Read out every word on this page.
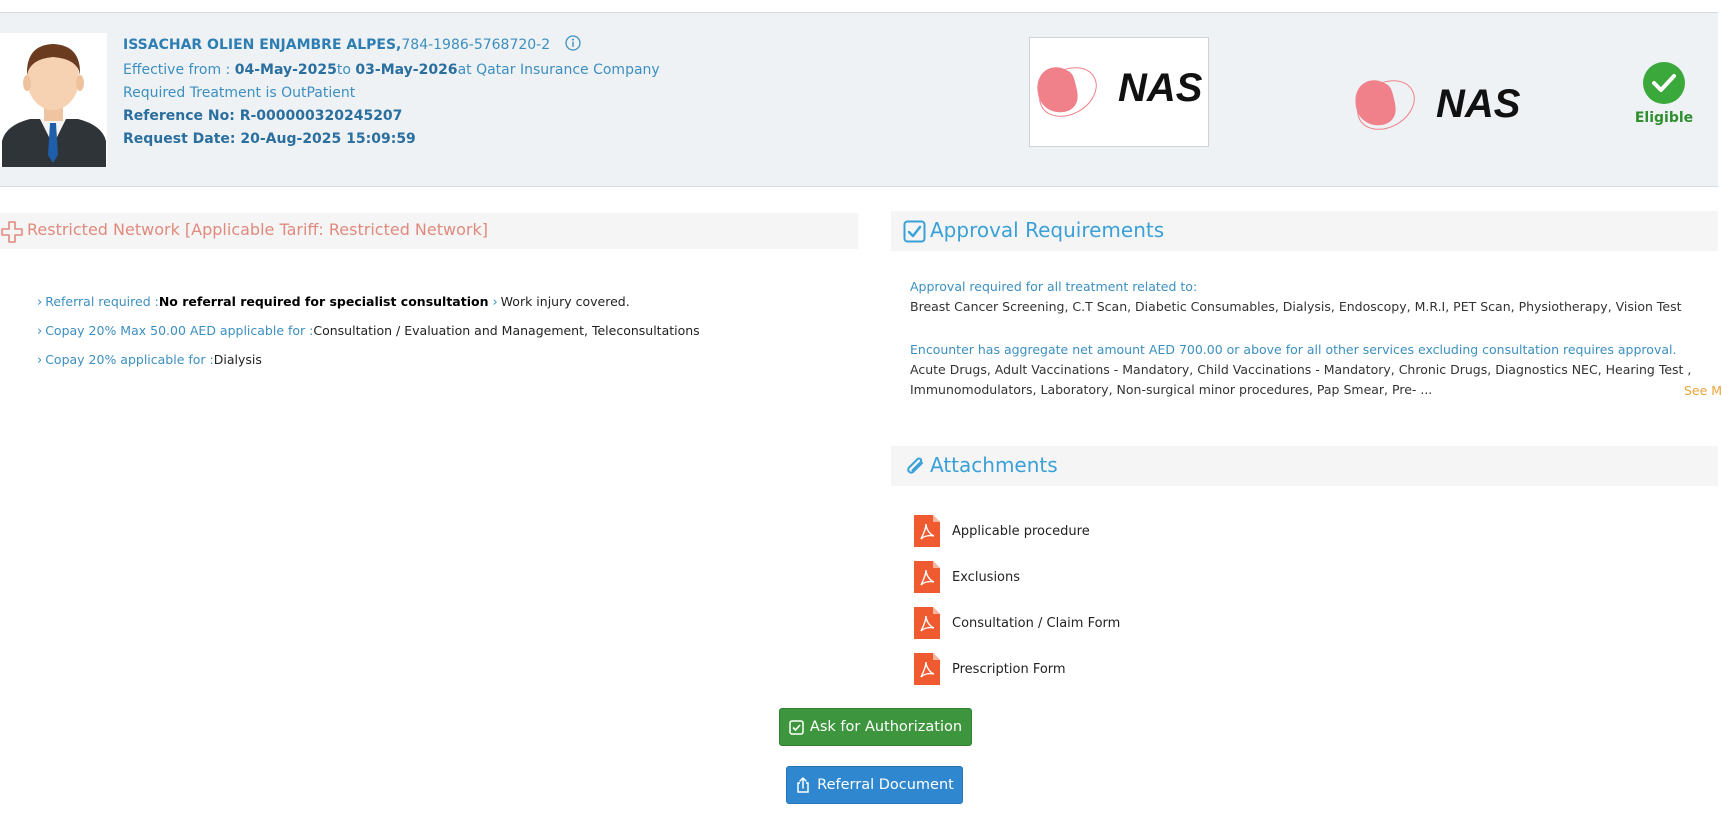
ISSACHAR OLIEN ENJAMBRE ALPES,784-1986-5768720-2
Effective from : 04-May-2025to 03-May-2026at Qatar Insurance Company
Required Treatment is OutPatient
Reference No: R-000000320245207
Request Date: 20-Aug-2025 15:09:59
NAS	NAS	Eligible
Restricted Network [Applicable Tariff: Restricted Network]
› Referral required :No referral required for specialist consultation › Work injury covered.
› Copay 20% Max 50.00 AED applicable for :Consultation / Evaluation and Management, Teleconsultations
› Copay 20% applicable for :Dialysis
Approval Requirements
Approval required for all treatment related to:
Breast Cancer Screening, C.T Scan, Diabetic Consumables, Dialysis, Endoscopy, M.R.I, PET Scan, Physiotherapy, Vision Test
Encounter has aggregate net amount AED 700.00 or above for all other services excluding consultation requires approval.
Acute Drugs, Adult Vaccinations - Mandatory, Child Vaccinations - Mandatory, Chronic Drugs, Diagnostics NEC, Hearing Test ,
Immunomodulators, Laboratory, Non-surgical minor procedures, Pap Smear, Pre- ...	See M
Attachments
Applicable procedure
Exclusions
Consultation / Claim Form
Prescription Form
Ask for Authorization
Referral Document
